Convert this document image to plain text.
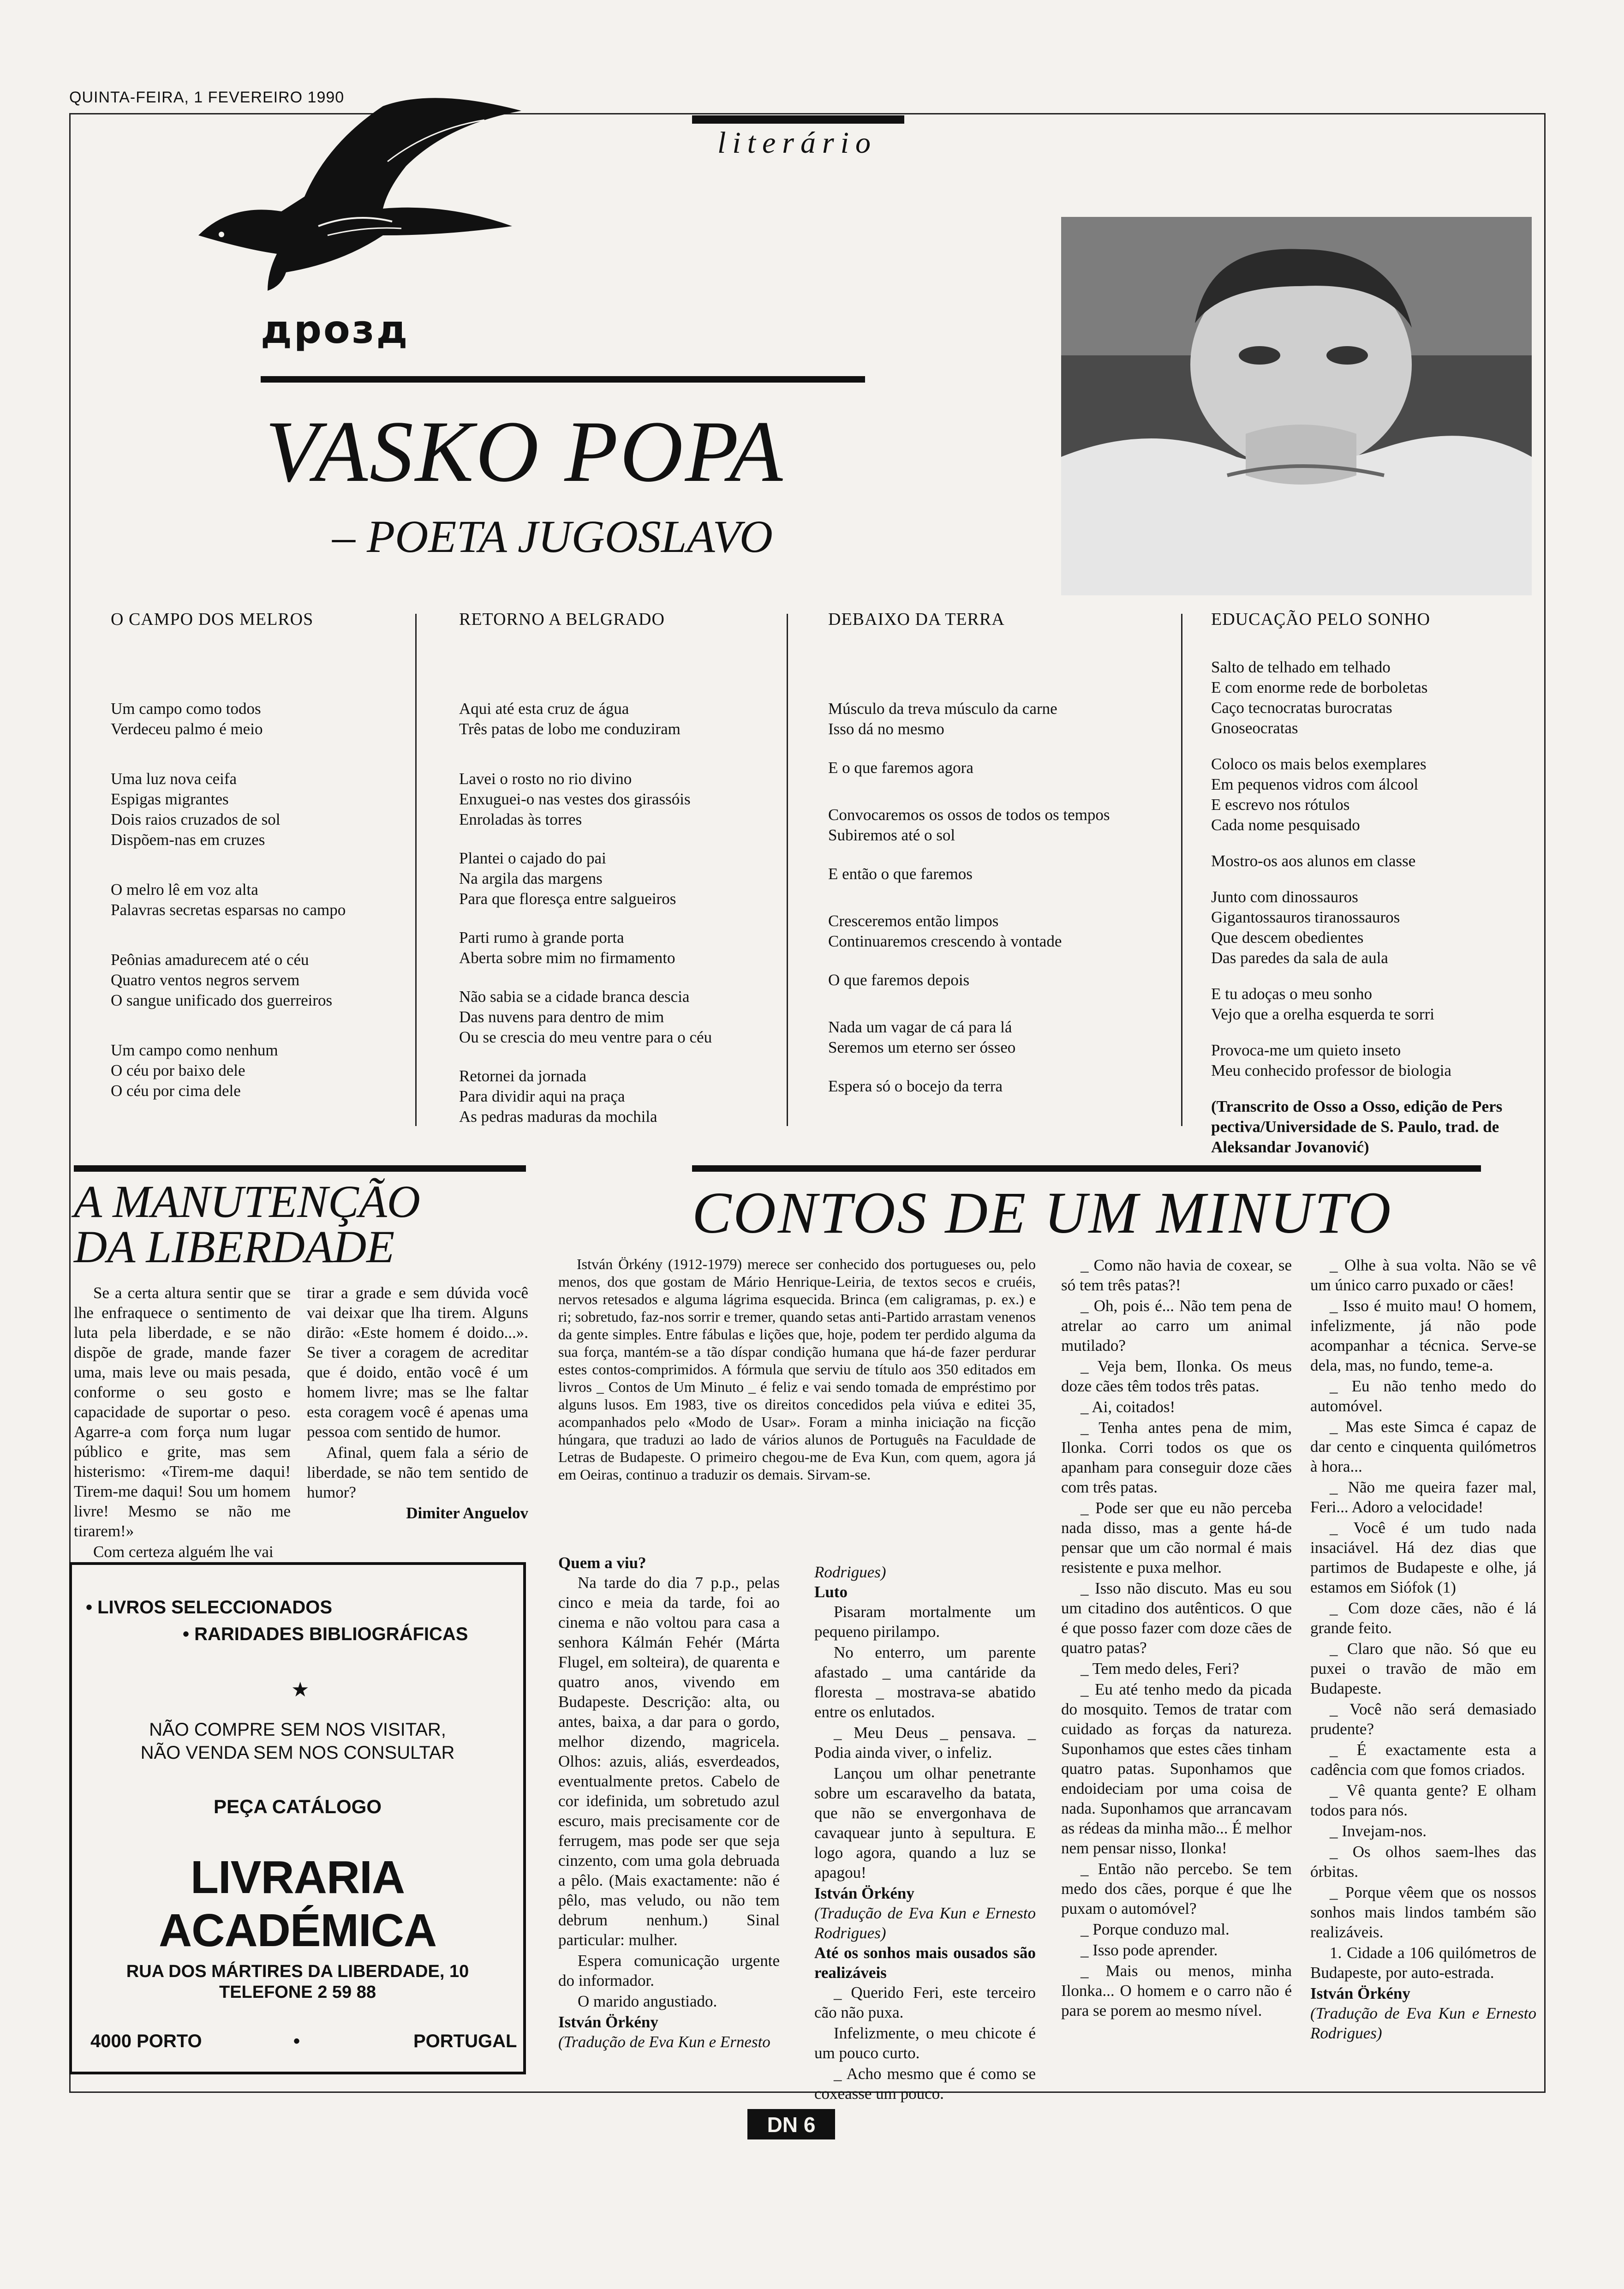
QUINTA-FEIRA, 1 FEVEREIRO 1990
literário
дрозд
VASKO POPA
– POETA JUGOSLAVO
O CAMPO DOS MELROS

Um campo como todos
Verdeceu palmo é meio

Uma luz nova ceifa
Espigas migrantes
Dois raios cruzados de sol
Dispõem-nas em cruzes

O melro lê em voz alta
Palavras secretas esparsas no campo

Peônias amadurecem até o céu
Quatro ventos negros servem
O sangue unificado dos guerreiros

Um campo como nenhum
O céu por baixo dele
O céu por cima dele

RETORNO A BELGRADO

Aqui até esta cruz de água
Três patas de lobo me conduziram

Lavei o rosto no rio divino
Enxuguei-o nas vestes dos girassóis
Enroladas às torres

Plantei o cajado do pai
Na argila das margens
Para que floresça entre salgueiros

Parti rumo à grande porta
Aberta sobre mim no firmamento

Não sabia se a cidade branca descia
Das nuvens para dentro de mim
Ou se crescia do meu ventre para o céu

Retornei da jornada
Para dividir aqui na praça
As pedras maduras da mochila

DEBAIXO DA TERRA

Músculo da treva músculo da carne
Isso dá no mesmo

E o que faremos agora

Convocaremos os ossos de todos os tempos
Subiremos até o sol

E então o que faremos

Cresceremos então limpos
Continuaremos crescendo à vontade

O que faremos depois

Nada um vagar de cá para lá
Seremos um eterno ser ósseo

Espera só o bocejo da terra

EDUCAÇÃO PELO SONHO

Salto de telhado em telhado
E com enorme rede de borboletas
Caço tecnocratas burocratas
Gnoseocratas

Coloco os mais belos exemplares
Em pequenos vidros com álcool
E escrevo nos rótulos
Cada nome pesquisado

Mostro-os aos alunos em classe

Junto com dinossauros
Gigantossauros tiranossauros
Que descem obedientes
Das paredes da sala de aula

E tu adoças o meu sonho
Vejo que a orelha esquerda te sorri

Provoca-me um quieto inseto
Meu conhecido professor de biologia

(Transcrito de Osso a Osso, edição de Pers pectiva/Universidade de S. Paulo, trad. de Aleksandar Jovanović)

A MANUTENÇÃO
DA LIBERDADE

Se a certa altura sentir que se lhe enfraquece o sentimento de luta pela liberdade, e se não dispõe de grade, mande fazer uma, mais leve ou mais pesada, conforme o seu gosto e capacidade de suportar o peso. Agarre-a com força num lugar público e grite, mas sem histerismo: «Tirem-me daqui! Tirem-me daqui! Sou um homem livre! Mesmo se não me tirarem!»

Com certeza alguém lhe vai

tirar a grade e sem dúvida você vai deixar que lha tirem. Alguns dirão: «Este homem é doido...». Se tiver a coragem de acreditar que é doido, então você é um homem livre; mas se lhe faltar esta coragem você é apenas uma pessoa com sentido de humor.

Afinal, quem fala a sério de liberdade, se não tem sentido de humor?

Dimiter Anguelov

• LIVROS SELECCIONADOS
• RARIDADES BIBLIOGRÁFICAS
★
NÃO COMPRE SEM NOS VISITAR,
NÃO VENDA SEM NOS CONSULTAR
PEÇA CATÁLOGO
LIVRARIA ACADÉMICA
RUA DOS MÁRTIRES DA LIBERDADE, 10
TELEFONE 2 59 88
4000 PORTO	•	PORTUGAL
CONTOS DE UM MINUTO

István Örkény (1912-1979) merece ser conhecido dos portugueses ou, pelo menos, dos que gostam de Mário Henrique-Leiria, de textos secos e cruéis, nervos retesados e alguma lágrima esquecida. Brinca (em caligramas, p. ex.) e ri; sobretudo, faz-nos sorrir e tremer, quando setas anti-Partido arrastam venenos da gente simples. Entre fábulas e lições que, hoje, podem ter perdido alguma da sua força, mantém-se a tão díspar condição humana que há-de fazer perdurar estes contos-comprimidos. A fórmula que serviu de título aos 350 editados em livros _ Contos de Um Minuto _ é feliz e vai sendo tomada de empréstimo por alguns lusos. Em 1983, tive os direitos concedidos pela viúva e editei 35, acompanhados pelo «Modo de Usar». Foram a minha iniciação na ficção húngara, que traduzi ao lado de vários alunos de Português na Faculdade de Letras de Budapeste. O primeiro chegou-me de Eva Kun, com quem, agora já em Oeiras, continuo a traduzir os demais. Sirvam-se.

Quem a viu?

Na tarde do dia 7 p.p., pelas cinco e meia da tarde, foi ao cinema e não voltou para casa a senhora Kálmán Fehér (Márta Flugel, em solteira), de quarenta e quatro anos, vivendo em Budapeste. Descrição: alta, ou antes, baixa, a dar para o gordo, melhor dizendo, magricela. Olhos: azuis, aliás, esverdeados, eventualmente pretos. Cabelo de cor idefinida, um sobretudo azul escuro, mais precisamente cor de ferrugem, mas pode ser que seja cinzento, com uma gola debruada a pêlo. (Mais exactamente: não é pêlo, mas veludo, ou não tem debrum nenhum.) Sinal particular: mulher.

Espera comunicação urgente do informador.

O marido angustiado.

István Örkény
(Tradução de Eva Kun e Ernesto
Rodrigues)
Luto

Pisaram mortalmente um pequeno pirilampo.

No enterro, um parente afastado _ uma cantáride da floresta _ mostrava-se abatido entre os enlutados.

_ Meu Deus _ pensava. _ Podia ainda viver, o infeliz.

Lançou um olhar penetrante sobre um escaravelho da batata, que não se envergonhava de cavaquear junto à sepultura. E logo agora, quando a luz se apagou!

István Örkény
(Tradução de Eva Kun e Ernesto Rodrigues)
Até os sonhos mais ousados são realizáveis

_ Querido Feri, este terceiro cão não puxa.

Infelizmente, o meu chicote é um pouco curto.

_ Acho mesmo que é como se coxeasse um pouco.

_ Como não havia de coxear, se só tem três patas?!

_ Oh, pois é... Não tem pena de atrelar ao carro um animal mutilado?

_ Veja bem, Ilonka. Os meus doze cães têm todos três patas.

_ Ai, coitados!

_ Tenha antes pena de mim, Ilonka. Corri todos os que os apanham para conseguir doze cães com três patas.

_ Pode ser que eu não perceba nada disso, mas a gente há-de pensar que um cão normal é mais resistente e puxa melhor.

_ Isso não discuto. Mas eu sou um citadino dos autênticos. O que é que posso fazer com doze cães de quatro patas?

_ Tem medo deles, Feri?

_ Eu até tenho medo da picada do mosquito. Temos de tratar com cuidado as forças da natureza. Suponhamos que estes cães tinham quatro patas. Suponhamos que endoideciam por uma coisa de nada. Suponhamos que arrancavam as rédeas da minha mão... É melhor nem pensar nisso, Ilonka!

_ Então não percebo. Se tem medo dos cães, porque é que lhe puxam o automóvel?

_ Porque conduzo mal.

_ Isso pode aprender.

_ Mais ou menos, minha Ilonka... O homem e o carro não é para se porem ao mesmo nível.

_ Olhe à sua volta. Não se vê um único carro puxado or cães!

_ Isso é muito mau! O homem, infelizmente, já não pode acompanhar a técnica. Serve-se dela, mas, no fundo, teme-a.

_ Eu não tenho medo do automóvel.

_ Mas este Simca é capaz de dar cento e cinquenta quilómetros à hora...

_ Não me queira fazer mal, Feri... Adoro a velocidade!

_ Você é um tudo nada insaciável. Há dez dias que partimos de Budapeste e olhe, já estamos em Siófok (1)

_ Com doze cães, não é lá grande feito.

_ Claro que não. Só que eu puxei o travão de mão em Budapeste.

_ Você não será demasiado prudente?

_ É exactamente esta a cadência com que fomos criados.

_ Vê quanta gente? E olham todos para nós.

_ Invejam-nos.

_ Os olhos saem-lhes das órbitas.

_ Porque vêem que os nossos sonhos mais lindos também são realizáveis.

1. Cidade a 106 quilómetros de Budapeste, por auto-estrada.

István Örkény
(Tradução de Eva Kun e Ernesto Rodrigues)
DN 6
